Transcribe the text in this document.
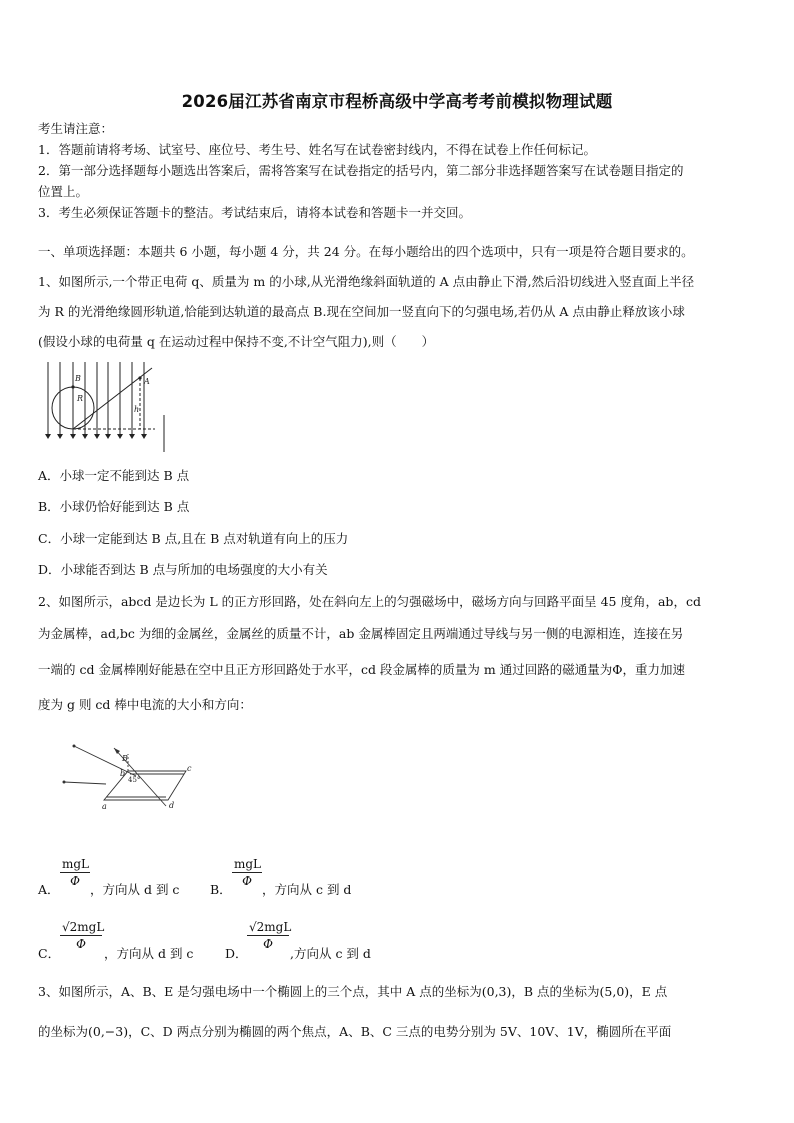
2026届江苏省南京市程桥高级中学高考考前模拟物理试题
考生请注意：
1．答题前请将考场、试室号、座位号、考生号、姓名写在试卷密封线内，不得在试卷上作任何标记。
2．第一部分选择题每小题选出答案后，需将答案写在试卷指定的括号内，第二部分非选择题答案写在试卷题目指定的
位置上。
3．考生必须保证答题卡的整洁。考试结束后，请将本试卷和答题卡一并交回。
一、单项选择题：本题共 6 小题，每小题 4 分，共 24 分。在每小题给出的四个选项中，只有一项是符合题目要求的。
1、如图所示,一个带正电荷 q、质量为 m 的小球,从光滑绝缘斜面轨道的 A 点由静止下滑,然后沿切线进入竖直面上半径
为 R 的光滑绝缘圆形轨道,恰能到达轨道的最高点 B.现在空间加一竖直向下的匀强电场,若仍从 A 点由静止释放该小球
(假设小球的电荷量 q 在运动过程中保持不变,不计空气阻力),则（　　）
B
R
A
h
A．小球一定不能到达 B 点
B．小球仍恰好能到达 B 点
C．小球一定能到达 B 点,且在 B 点对轨道有向上的压力
D．小球能否到达 B 点与所加的电场强度的大小有关
2、如图所示，abcd 是边长为 L 的正方形回路，处在斜向左上的匀强磁场中，磁场方向与回路平面呈 45 度角，ab，cd
为金属棒，ad,bc 为细的金属丝，金属丝的质量不计，ab 金属棒固定且两端通过导线与另一侧的电源相连，连接在另
一端的 cd 金属棒刚好能悬在空中且正方形回路处于水平，cd 段金属棒的质量为 m 通过回路的磁通量为Φ，重力加速
度为 g 则 cd 棒中电流的大小和方向：
B
b
45°
c
a	d
A．
mgL
Φ
，方向从 d 到 c B．
mgL
Φ
，方向从 c 到 d
C．
√2mgL
Φ
，方向从 d 到 c	D．
√2mgL
Φ
,方向从 c 到 d
3、如图所示，A、B、E 是匀强电场中一个椭圆上的三个点，其中 A 点的坐标为(0,3)，B 点的坐标为(5,0)，E 点
的坐标为(0,−3)，C、D 两点分别为椭圆的两个焦点，A、B、C 三点的电势分别为 5V、10V、1V，椭圆所在平面
